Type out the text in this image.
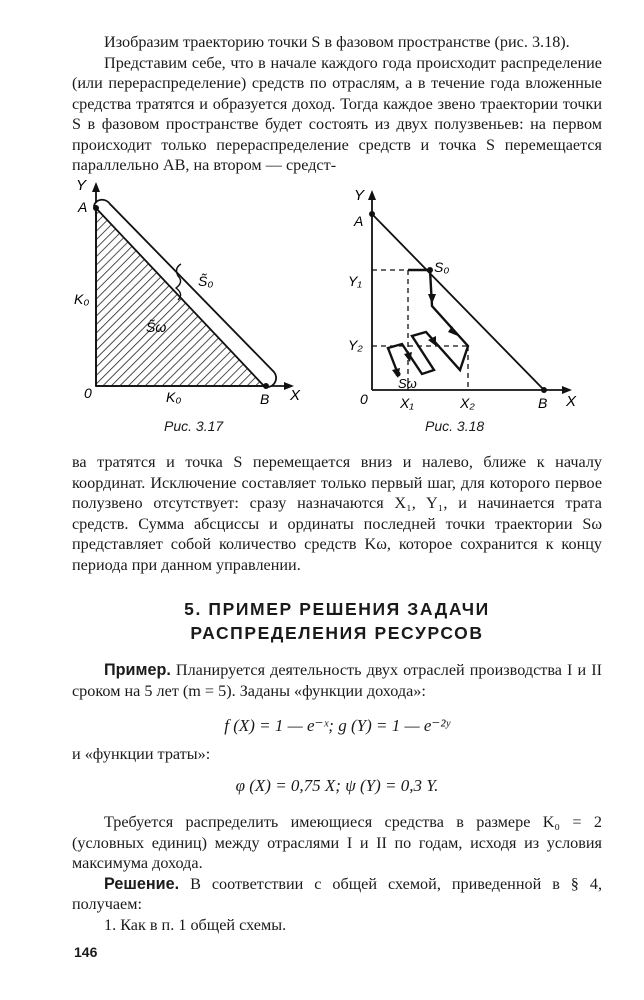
Изобразим траекторию точки S в фазовом пространстве (рис. 3.18).

Представим себе, что в начале каждого года происходит распределение (или перераспределение) средств по отраслям, а в течение года вложенные средства тратятся и образуется доход. Тогда каждое звено траектории точки S в фазовом пространстве будет состоять из двух полузвеньев: на первом происходит только перераспределение средств и точка S перемещается параллельно AB, на втором — средст-

Y
X
A
B
0
K₀
K₀
S̃₀
S̃ω
Рис. 3.17
Y
X
A
B
0
Y₁
Y₂
X₁	X₂
S₀
Sω
Рис. 3.18

ва тратятся и точка S перемещается вниз и налево, ближе к началу координат. Исключение составляет только первый шаг, для которого первое полузвено отсутствует: сразу назначаются X₁, Y₁, и начинается трата средств. Сумма абсциссы и ординаты последней точки траектории Sω представляет собой количество средств Kω, которое сохранится к концу периода при данном управлении.

5. ПРИМЕР РЕШЕНИЯ ЗАДАЧИ
РАСПРЕДЕЛЕНИЯ РЕСУРСОВ

Пример. Планируется деятельность двух отраслей производства I и II сроком на 5 лет (m = 5). Заданы «функции дохода»:

f (X) = 1 — e⁻ˣ; g (Y) = 1 — e⁻²ʸ
и «функции траты»:
φ (X) = 0,75 X; ψ (Y) = 0,3 Y.

Требуется распределить имеющиеся средства в размере K₀ = 2 (условных единиц) между отраслями I и II по годам, исходя из условия максимума дохода.

Решение. В соответствии с общей схемой, приведенной в § 4, получаем:

1. Как в п. 1 общей схемы.

146
